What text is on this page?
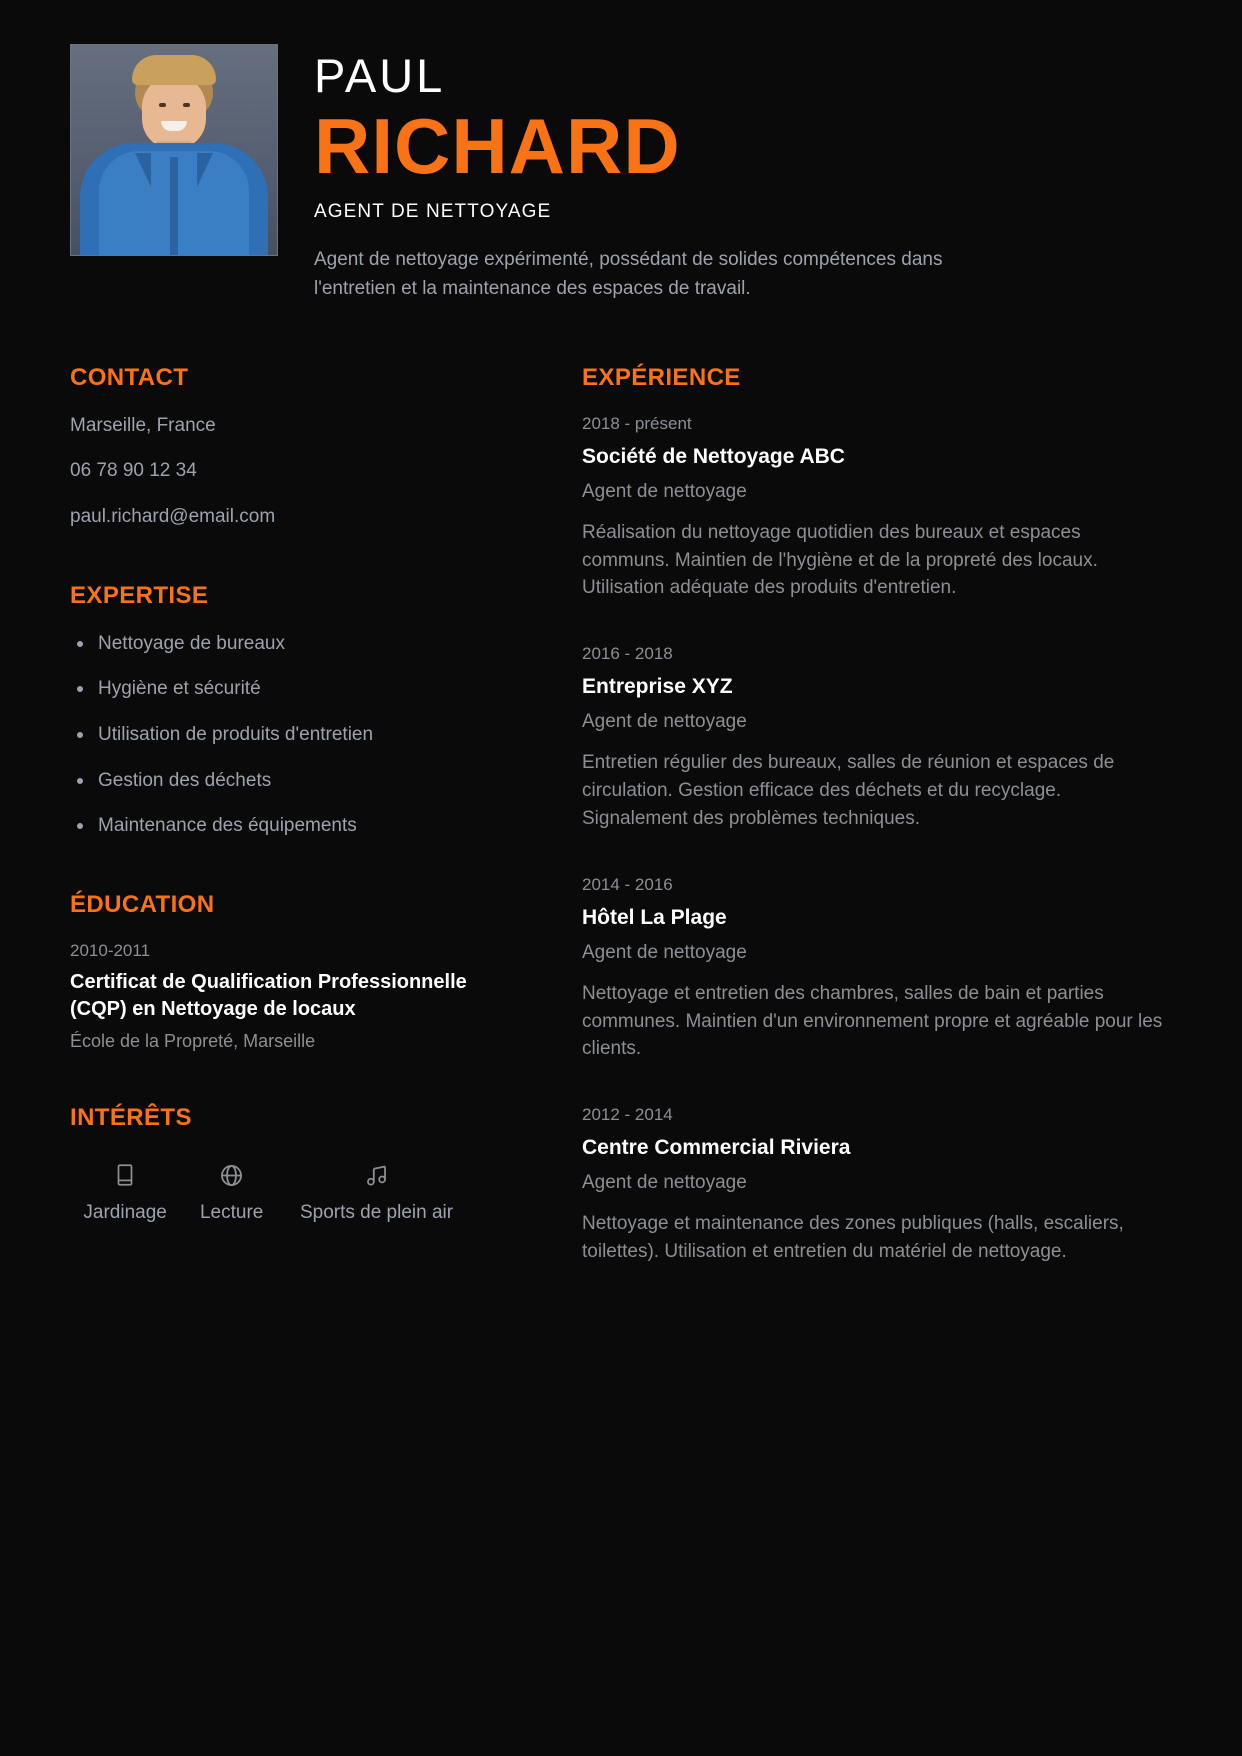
PAUL
RICHARD
AGENT DE NETTOYAGE
Agent de nettoyage expérimenté, possédant de solides compétences dans l'entretien et la maintenance des espaces de travail.
CONTACT
Marseille, France
06 78 90 12 34
paul.richard@email.com
EXPERTISE
Nettoyage de bureaux
Hygiène et sécurité
Utilisation de produits d'entretien
Gestion des déchets
Maintenance des équipements
ÉDUCATION
2010-2011
Certificat de Qualification Professionnelle (CQP) en Nettoyage de locaux
École de la Propreté, Marseille
INTÉRÊTS
Jardinage Lecture Sports de plein air
EXPÉRIENCE
2018 - présent
Société de Nettoyage ABC
Agent de nettoyage
Réalisation du nettoyage quotidien des bureaux et espaces communs. Maintien de l'hygiène et de la propreté des locaux. Utilisation adéquate des produits d'entretien.
2016 - 2018
Entreprise XYZ
Agent de nettoyage
Entretien régulier des bureaux, salles de réunion et espaces de circulation. Gestion efficace des déchets et du recyclage. Signalement des problèmes techniques.
2014 - 2016
Hôtel La Plage
Agent de nettoyage
Nettoyage et entretien des chambres, salles de bain et parties communes. Maintien d'un environnement propre et agréable pour les clients.
2012 - 2014
Centre Commercial Riviera
Agent de nettoyage
Nettoyage et maintenance des zones publiques (halls, escaliers, toilettes). Utilisation et entretien du matériel de nettoyage.
